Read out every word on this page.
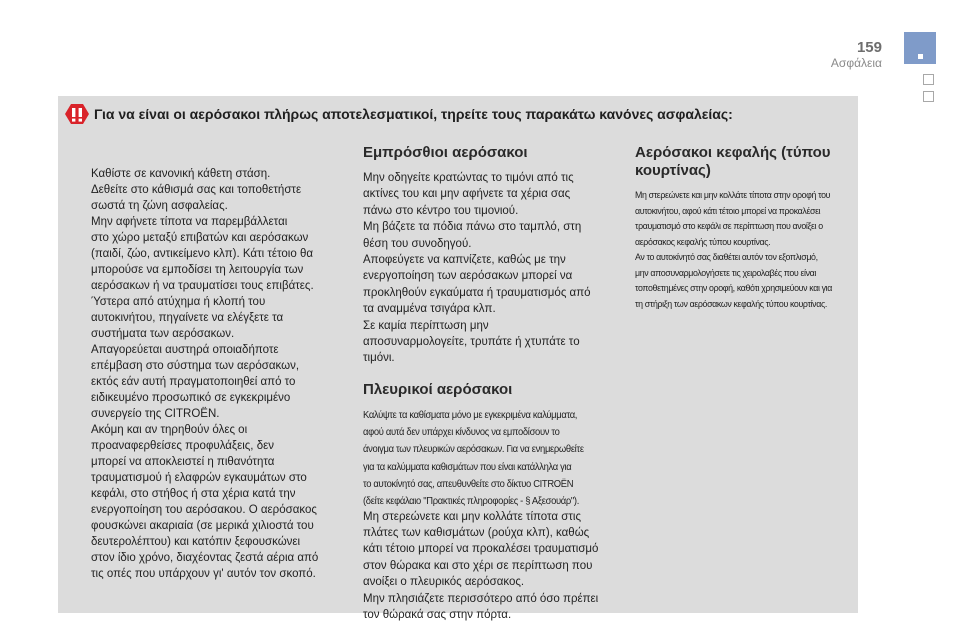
159
Ασφάλεια
Για να είναι οι αερόσακοι πλήρως αποτελεσματικοί, τηρείτε τους παρακάτω κανόνες ασφαλείας:
Καθίστε σε κανονική κάθετη στάση.
Δεθείτε στο κάθισμά σας και τοποθετήστε
σωστά τη ζώνη ασφαλείας.
Μην αφήνετε τίποτα να παρεμβάλλεται
στο χώρο μεταξύ επιβατών και αερόσακων
(παιδί, ζώο, αντικείμενο κλπ). Κάτι τέτοιο θα
μπορούσε να εμποδίσει τη λειτουργία των
αερόσακων ή να τραυματίσει τους επιβάτες.
Ύστερα από ατύχημα ή κλοπή του
αυτοκινήτου, πηγαίνετε να ελέγξετε τα
συστήματα των αερόσακων.
Απαγορεύεται αυστηρά οποιαδήποτε
επέμβαση στο σύστημα των αερόσακων,
εκτός εάν αυτή πραγματοποιηθεί από το
ειδικευμένο προσωπικό σε εγκεκριμένο
συνεργείο της CITROËN.
Ακόμη και αν τηρηθούν όλες οι
προαναφερθείσες προφυλάξεις, δεν
μπορεί να αποκλειστεί η πιθανότητα
τραυματισμού ή ελαφρών εγκαυμάτων στο
κεφάλι, στο στήθος ή στα χέρια κατά την
ενεργοποίηση του αερόσακου. Ο αερόσακος
φουσκώνει ακαριαία (σε μερικά χιλιοστά του
δευτερολέπτου) και κατόπιν ξεφουσκώνει
στον ίδιο χρόνο, διαχέοντας ζεστά αέρια από
τις οπές που υπάρχουν γι' αυτόν τον σκοπό.
Εμπρόσθιοι αερόσακοι
Μην οδηγείτε κρατώντας το τιμόνι από τις
ακτίνες του και μην αφήνετε τα χέρια σας
πάνω στο κέντρο του τιμονιού.
Μη βάζετε τα πόδια πάνω στο ταμπλό, στη
θέση του συνοδηγού.
Αποφεύγετε να καπνίζετε, καθώς με την
ενεργοποίηση των αερόσακων μπορεί να
προκληθούν εγκαύματα ή τραυματισμός από
τα αναμμένα τσιγάρα κλπ.
Σε καμία περίπτωση μην
αποσυναρμολογείτε, τρυπάτε ή χτυπάτε το
τιμόνι.
Πλευρικοί αερόσακοι
Καλύψτε τα καθίσματα μόνο με εγκεκριμένα καλύμματα,
αφού αυτά δεν υπάρχει κίνδυνος να εμποδίσουν το
άνοιγμα των πλευρικών αερόσακων. Για να ενημερωθείτε
για τα καλύμματα καθισμάτων που είναι κατάλληλα για
το αυτοκίνητό σας, απευθυνθείτε στο δίκτυο CITROËN
(δείτε κεφάλαιο "Πρακτικές πληροφορίες - § Αξεσουάρ").
Μη στερεώνετε και μην κολλάτε τίποτα στις
πλάτες των καθισμάτων (ρούχα κλπ), καθώς
κάτι τέτοιο μπορεί να προκαλέσει τραυματισμό
στον θώρακα και στο χέρι σε περίπτωση που
ανοίξει ο πλευρικός αερόσακος.
Μην πλησιάζετε περισσότερο από όσο πρέπει
τον θώρακά σας στην πόρτα.
Αερόσακοι κεφαλής (τύπου
κουρτίνας)
Μη στερεώνετε και μην κολλάτε τίποτα στην οροφή του
αυτοκινήτου, αφού κάτι τέτοιο μπορεί να προκαλέσει
τραυματισμό στο κεφάλι σε περίπτωση που ανοίξει ο
αερόσακος κεφαλής τύπου κουρτίνας.
Αν το αυτοκίνητό σας διαθέτει αυτόν τον εξοπλισμό,
μην αποσυναρμολογήσετε τις χειρολαβές που είναι
τοποθετημένες στην οροφή, καθότι χρησιμεύουν και για
τη στήριξη των αερόσακων κεφαλής τύπου κουρτίνας.
